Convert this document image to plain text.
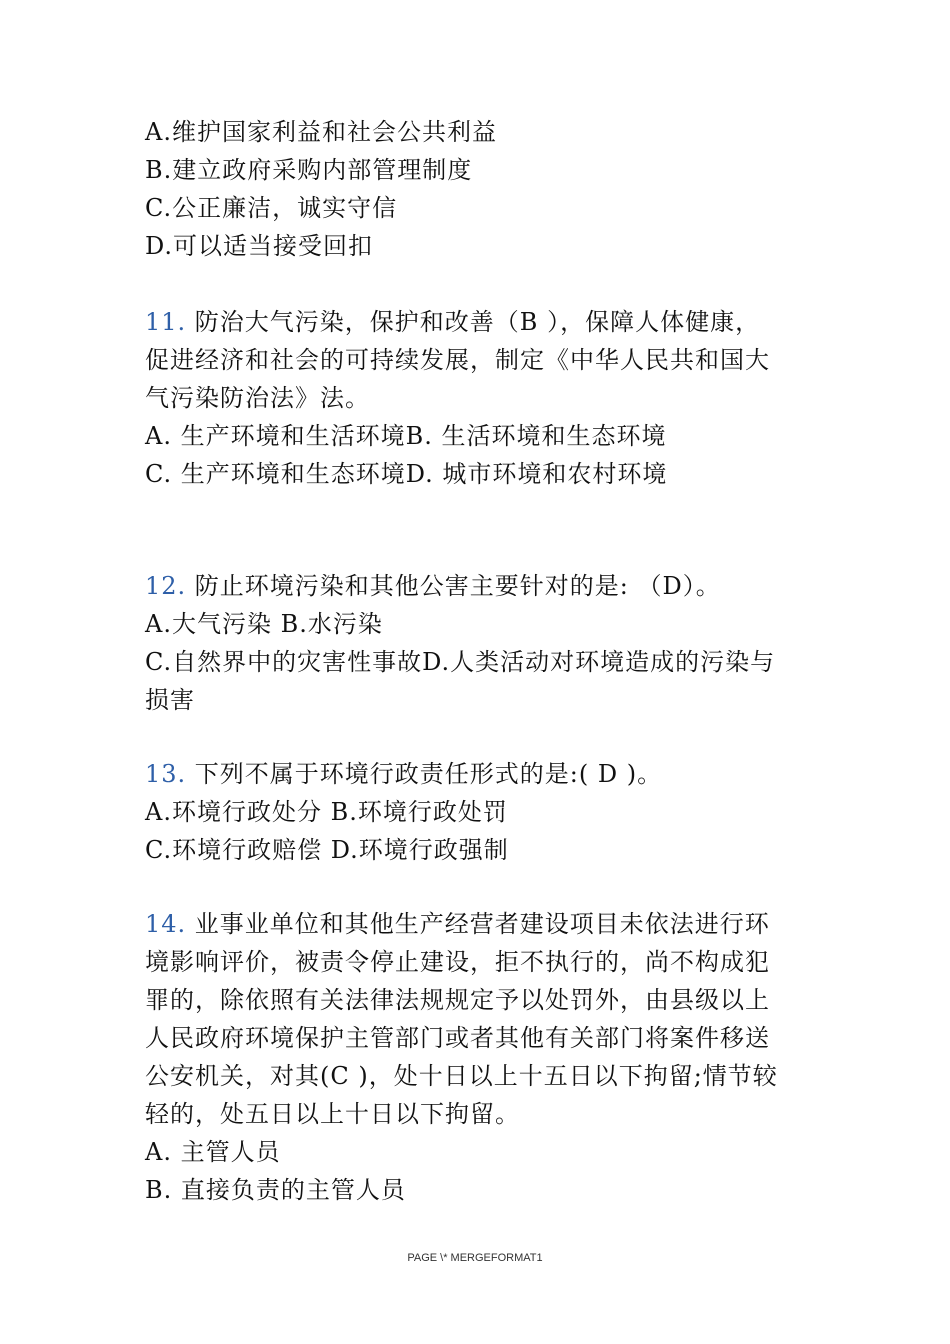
A.维护国家利益和社会公共利益
B.建立政府采购内部管理制度
C.公正廉洁，诚实守信
D.可以适当接受回扣
11. 防治大气污染，保护和改善（B ），保障人体健康，
促进经济和社会的可持续发展，制定《中华人民共和国大
气污染防治法》法。
A. 生产环境和生活环境B. 生活环境和生态环境
C. 生产环境和生态环境D. 城市环境和农村环境
12. 防止环境污染和其他公害主要针对的是: （D）。
A.大气污染 B.水污染
C.自然界中的灾害性事故D.人类活动对环境造成的污染与
损害
13. 下列不属于环境行政责任形式的是:( D )。
A.环境行政处分 B.环境行政处罚
C.环境行政赔偿 D.环境行政强制
14. 业事业单位和其他生产经营者建设项目未依法进行环
境影响评价，被责令停止建设，拒不执行的，尚不构成犯
罪的，除依照有关法律法规规定予以处罚外，由县级以上
人民政府环境保护主管部门或者其他有关部门将案件移送
公安机关，对其(C )，处十日以上十五日以下拘留;情节较
轻的，处五日以上十日以下拘留。
A. 主管人员
B. 直接负责的主管人员
PAGE \* MERGEFORMAT1
